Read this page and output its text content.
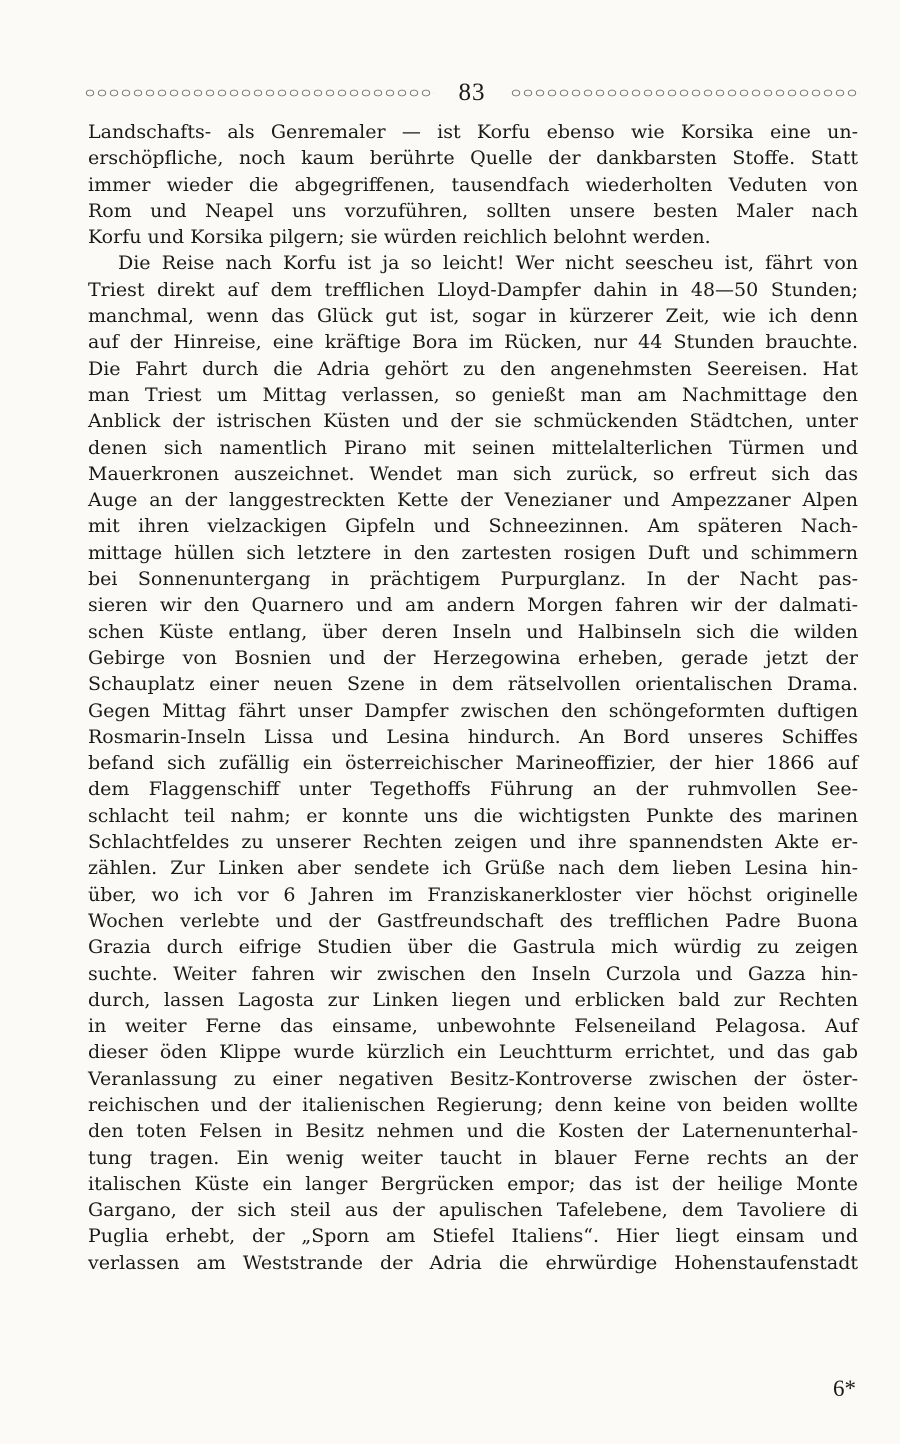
83
Landschafts- als Genremaler — ist Korfu ebenso wie Korsika eine un-
erschöpfliche, noch kaum berührte Quelle der dankbarsten Stoffe. Statt
immer wieder die abgegriffenen, tausendfach wiederholten Veduten von
Rom und Neapel uns vorzuführen, sollten unsere besten Maler nach
Korfu und Korsika pilgern; sie würden reichlich belohnt werden.
Die Reise nach Korfu ist ja so leicht! Wer nicht seescheu ist, fährt von
Triest direkt auf dem trefflichen Lloyd-Dampfer dahin in 48—50 Stunden;
manchmal, wenn das Glück gut ist, sogar in kürzerer Zeit, wie ich denn
auf der Hinreise, eine kräftige Bora im Rücken, nur 44 Stunden brauchte.
Die Fahrt durch die Adria gehört zu den angenehmsten Seereisen. Hat
man Triest um Mittag verlassen, so genießt man am Nachmittage den
Anblick der istrischen Küsten und der sie schmückenden Städtchen, unter
denen sich namentlich Pirano mit seinen mittelalterlichen Türmen und
Mauerkronen auszeichnet. Wendet man sich zurück, so erfreut sich das
Auge an der langgestreckten Kette der Venezianer und Ampezzaner Alpen
mit ihren vielzackigen Gipfeln und Schneezinnen. Am späteren Nach-
mittage hüllen sich letztere in den zartesten rosigen Duft und schimmern
bei Sonnenuntergang in prächtigem Purpurglanz. In der Nacht pas-
sieren wir den Quarnero und am andern Morgen fahren wir der dalmati-
schen Küste entlang, über deren Inseln und Halbinseln sich die wilden
Gebirge von Bosnien und der Herzegowina erheben, gerade jetzt der
Schauplatz einer neuen Szene in dem rätselvollen orientalischen Drama.
Gegen Mittag fährt unser Dampfer zwischen den schöngeformten duftigen
Rosmarin-Inseln Lissa und Lesina hindurch. An Bord unseres Schiffes
befand sich zufällig ein österreichischer Marineoffizier, der hier 1866 auf
dem Flaggenschiff unter Tegethoffs Führung an der ruhmvollen See-
schlacht teil nahm; er konnte uns die wichtigsten Punkte des marinen
Schlachtfeldes zu unserer Rechten zeigen und ihre spannendsten Akte er-
zählen. Zur Linken aber sendete ich Grüße nach dem lieben Lesina hin-
über, wo ich vor 6 Jahren im Franziskanerkloster vier höchst originelle
Wochen verlebte und der Gastfreundschaft des trefflichen Padre Buona
Grazia durch eifrige Studien über die Gastrula mich würdig zu zeigen
suchte. Weiter fahren wir zwischen den Inseln Curzola und Gazza hin-
durch, lassen Lagosta zur Linken liegen und erblicken bald zur Rechten
in weiter Ferne das einsame, unbewohnte Felseneiland Pelagosa. Auf
dieser öden Klippe wurde kürzlich ein Leuchtturm errichtet, und das gab
Veranlassung zu einer negativen Besitz-Kontroverse zwischen der öster-
reichischen und der italienischen Regierung; denn keine von beiden wollte
den toten Felsen in Besitz nehmen und die Kosten der Laternenunterhal-
tung tragen. Ein wenig weiter taucht in blauer Ferne rechts an der
italischen Küste ein langer Bergrücken empor; das ist der heilige Monte
Gargano, der sich steil aus der apulischen Tafelebene, dem Tavoliere di
Puglia erhebt, der „Sporn am Stiefel Italiens“. Hier liegt einsam und
verlassen am Weststrande der Adria die ehrwürdige Hohenstaufenstadt
6*
